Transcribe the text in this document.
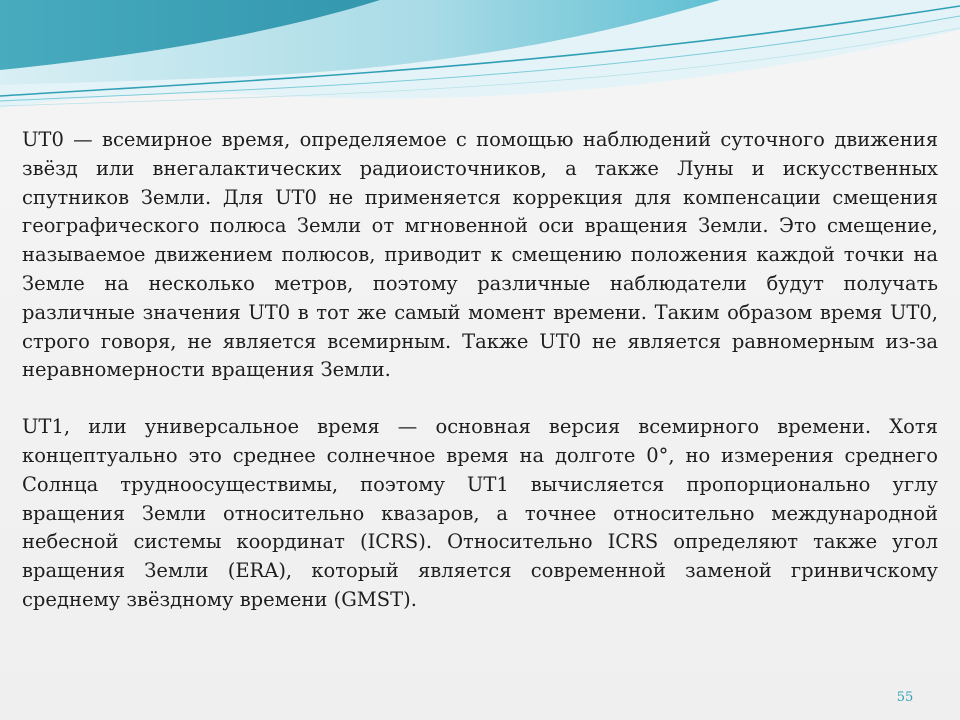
UT0 — всемирное время, определяемое с помощью наблюдений суточного движения звёзд или внегалактических радиоисточников, а также Луны и искусственных спутников Земли. Для UT0 не применяется коррекция для компенсации смещения географического полюса Земли от мгновенной оси вращения Земли. Это смещение, называемое движением полюсов, приводит к смещению положения каждой точки на Земле на несколько метров, поэтому различные наблюдатели будут получать различные значения UT0 в тот же самый момент времени. Таким образом время UT0, строго говоря, не является всемирным. Также UT0 не является равномерным из-за неравномерности вращения Земли.

UT1, или универсальное время — основная версия всемирного времени. Хотя концептуально это среднее солнечное время на долготе 0°, но измерения среднего Солнца трудноосуществимы, поэтому UT1 вычисляется пропорционально углу вращения Земли относительно квазаров, а точнее относительно международной небесной системы координат (ICRS). Относительно ICRS определяют также угол вращения Земли (ERA), который является современной заменой гринвичскому среднему звёздному времени (GMST).

55
